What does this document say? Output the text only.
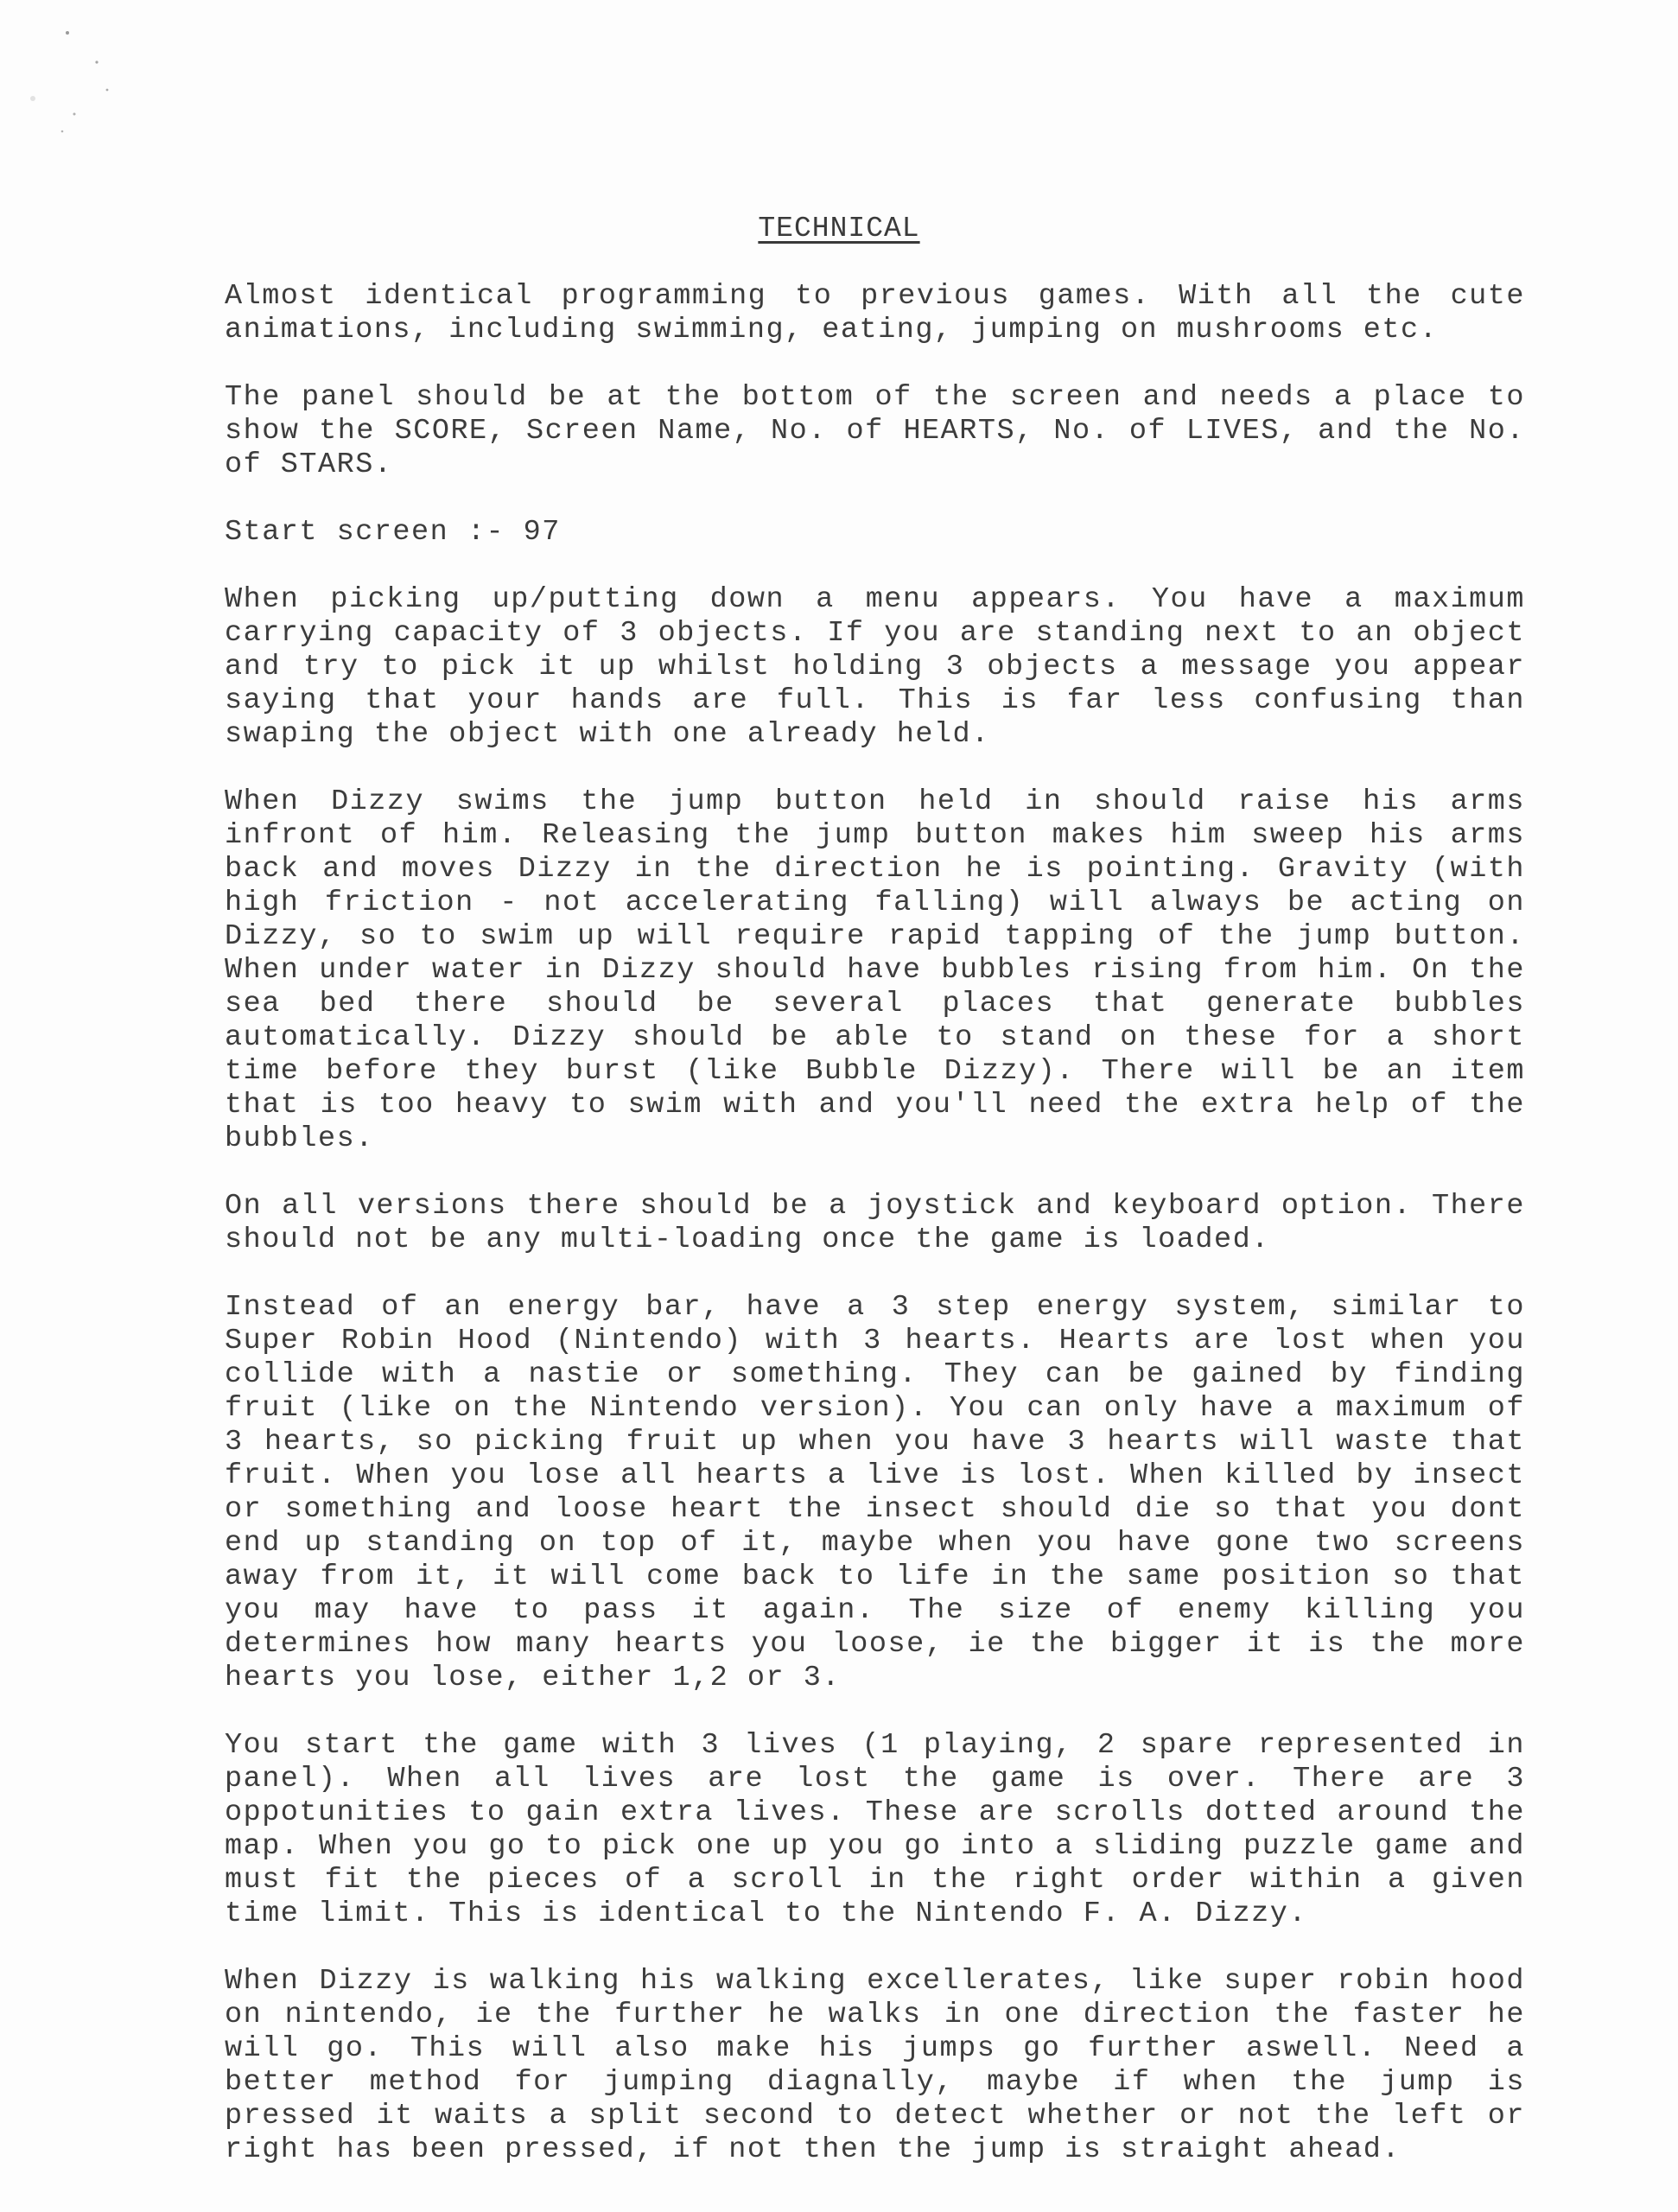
TECHNICAL

Almost identical programming to previous games. With all the cute animations, including swimming, eating, jumping on mushrooms etc.

The panel should be at the bottom of the screen and needs a place to show the SCORE, Screen Name, No. of HEARTS, No. of LIVES, and the No. of STARS.

Start screen :- 97

When picking up/putting down a menu appears. You have a maximum carrying capacity of 3 objects. If you are standing next to an object and try to pick it up whilst holding 3 objects a message you appear saying that your hands are full. This is far less confusing than swaping the object with one already held.

When Dizzy swims the jump button held in should raise his arms infront of him. Releasing the jump button makes him sweep his arms back and moves Dizzy in the direction he is pointing. Gravity (with high friction - not accelerating falling) will always be acting on Dizzy, so to swim up will require rapid tapping of the jump button. When under water in Dizzy should have bubbles rising from him. On the sea bed there should be several places that generate bubbles automatically. Dizzy should be able to stand on these for a short time before they burst (like Bubble Dizzy). There will be an item that is too heavy to swim with and you'll need the extra help of the bubbles.

On all versions there should be a joystick and keyboard option. There should not be any multi-loading once the game is loaded.

Instead of an energy bar, have a 3 step energy system, similar to Super Robin Hood (Nintendo) with 3 hearts. Hearts are lost when you collide with a nastie or something. They can be gained by finding fruit (like on the Nintendo version). You can only have a maximum of 3 hearts, so picking fruit up when you have 3 hearts will waste that fruit. When you lose all hearts a live is lost. When killed by insect or something and loose heart the insect should die so that you dont end up standing on top of it, maybe when you have gone two screens away from it, it will come back to life in the same position so that you may have to pass it again. The size of enemy killing you determines how many hearts you loose, ie the bigger it is the more hearts you lose, either 1,2 or 3.

You start the game with 3 lives (1 playing, 2 spare represented in panel). When all lives are lost the game is over. There are 3 oppotunities to gain extra lives. These are scrolls dotted around the map. When you go to pick one up you go into a sliding puzzle game and must fit the pieces of a scroll in the right order within a given time limit. This is identical to the Nintendo F. A. Dizzy.

When Dizzy is walking his walking excellerates, like super robin hood on nintendo, ie the further he walks in one direction the faster he will go. This will also make his jumps go further aswell. Need a better method for jumping diagnally, maybe if when the jump is pressed it waits a split second to detect whether or not the left or right has been pressed, if not then the jump is straight ahead.
